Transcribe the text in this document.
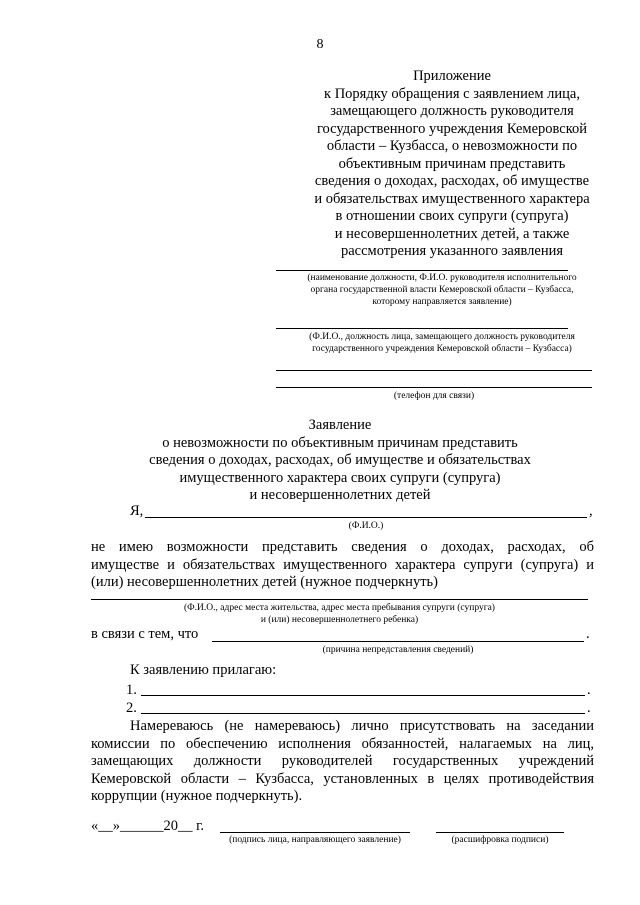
8
Приложение
к Порядку обращения с заявлением лица,
замещающего должность руководителя
государственного учреждения Кемеровской
области – Кузбасса, о невозможности по
объективным причинам представить
сведения о доходах, расходах, об имуществе
и обязательствах имущественного характера
в отношении своих супруги (супруга)
и несовершеннолетних детей, а также
рассмотрения указанного заявления
(наименование должности, Ф.И.О. руководителя исполнительного
органа государственной власти Кемеровской области – Кузбасса,
которому направляется заявление)
(Ф.И.О., должность лица, замещающего должность руководителя
государственного учреждения Кемеровской области – Кузбасса)
(телефон для связи)
Заявление
о невозможности по объективным причинам представить
сведения о доходах, расходах, об имуществе и обязательствах
имущественного характера своих супруги (супруга)
и несовершеннолетних детей
Я,	,
(Ф.И.О.)
не имею возможности представить сведения о доходах, расходах, об
имуществе и обязательствах имущественного характера супруги (супруга) и
(или) несовершеннолетних детей (нужное подчеркнуть)
(Ф.И.О., адрес места жительства, адрес места пребывания супруги (супруга)
и (или) несовершеннолетнего ребенка)
в связи с тем, что	.
(причина непредставления сведений)
К заявлению прилагаю:
1.	.
2.	.
Намереваюсь (не намереваюсь) лично присутствовать на заседании
комиссии по обеспечению исполнения обязанностей, налагаемых на лиц,
замещающих должности руководителей государственных учреждений
Кемеровской области – Кузбасса, установленных в целях противодействия
коррупции (нужное подчеркнуть).
«__»______20__ г.
(подпись лица, направляющего заявление)	(расшифровка подписи)
